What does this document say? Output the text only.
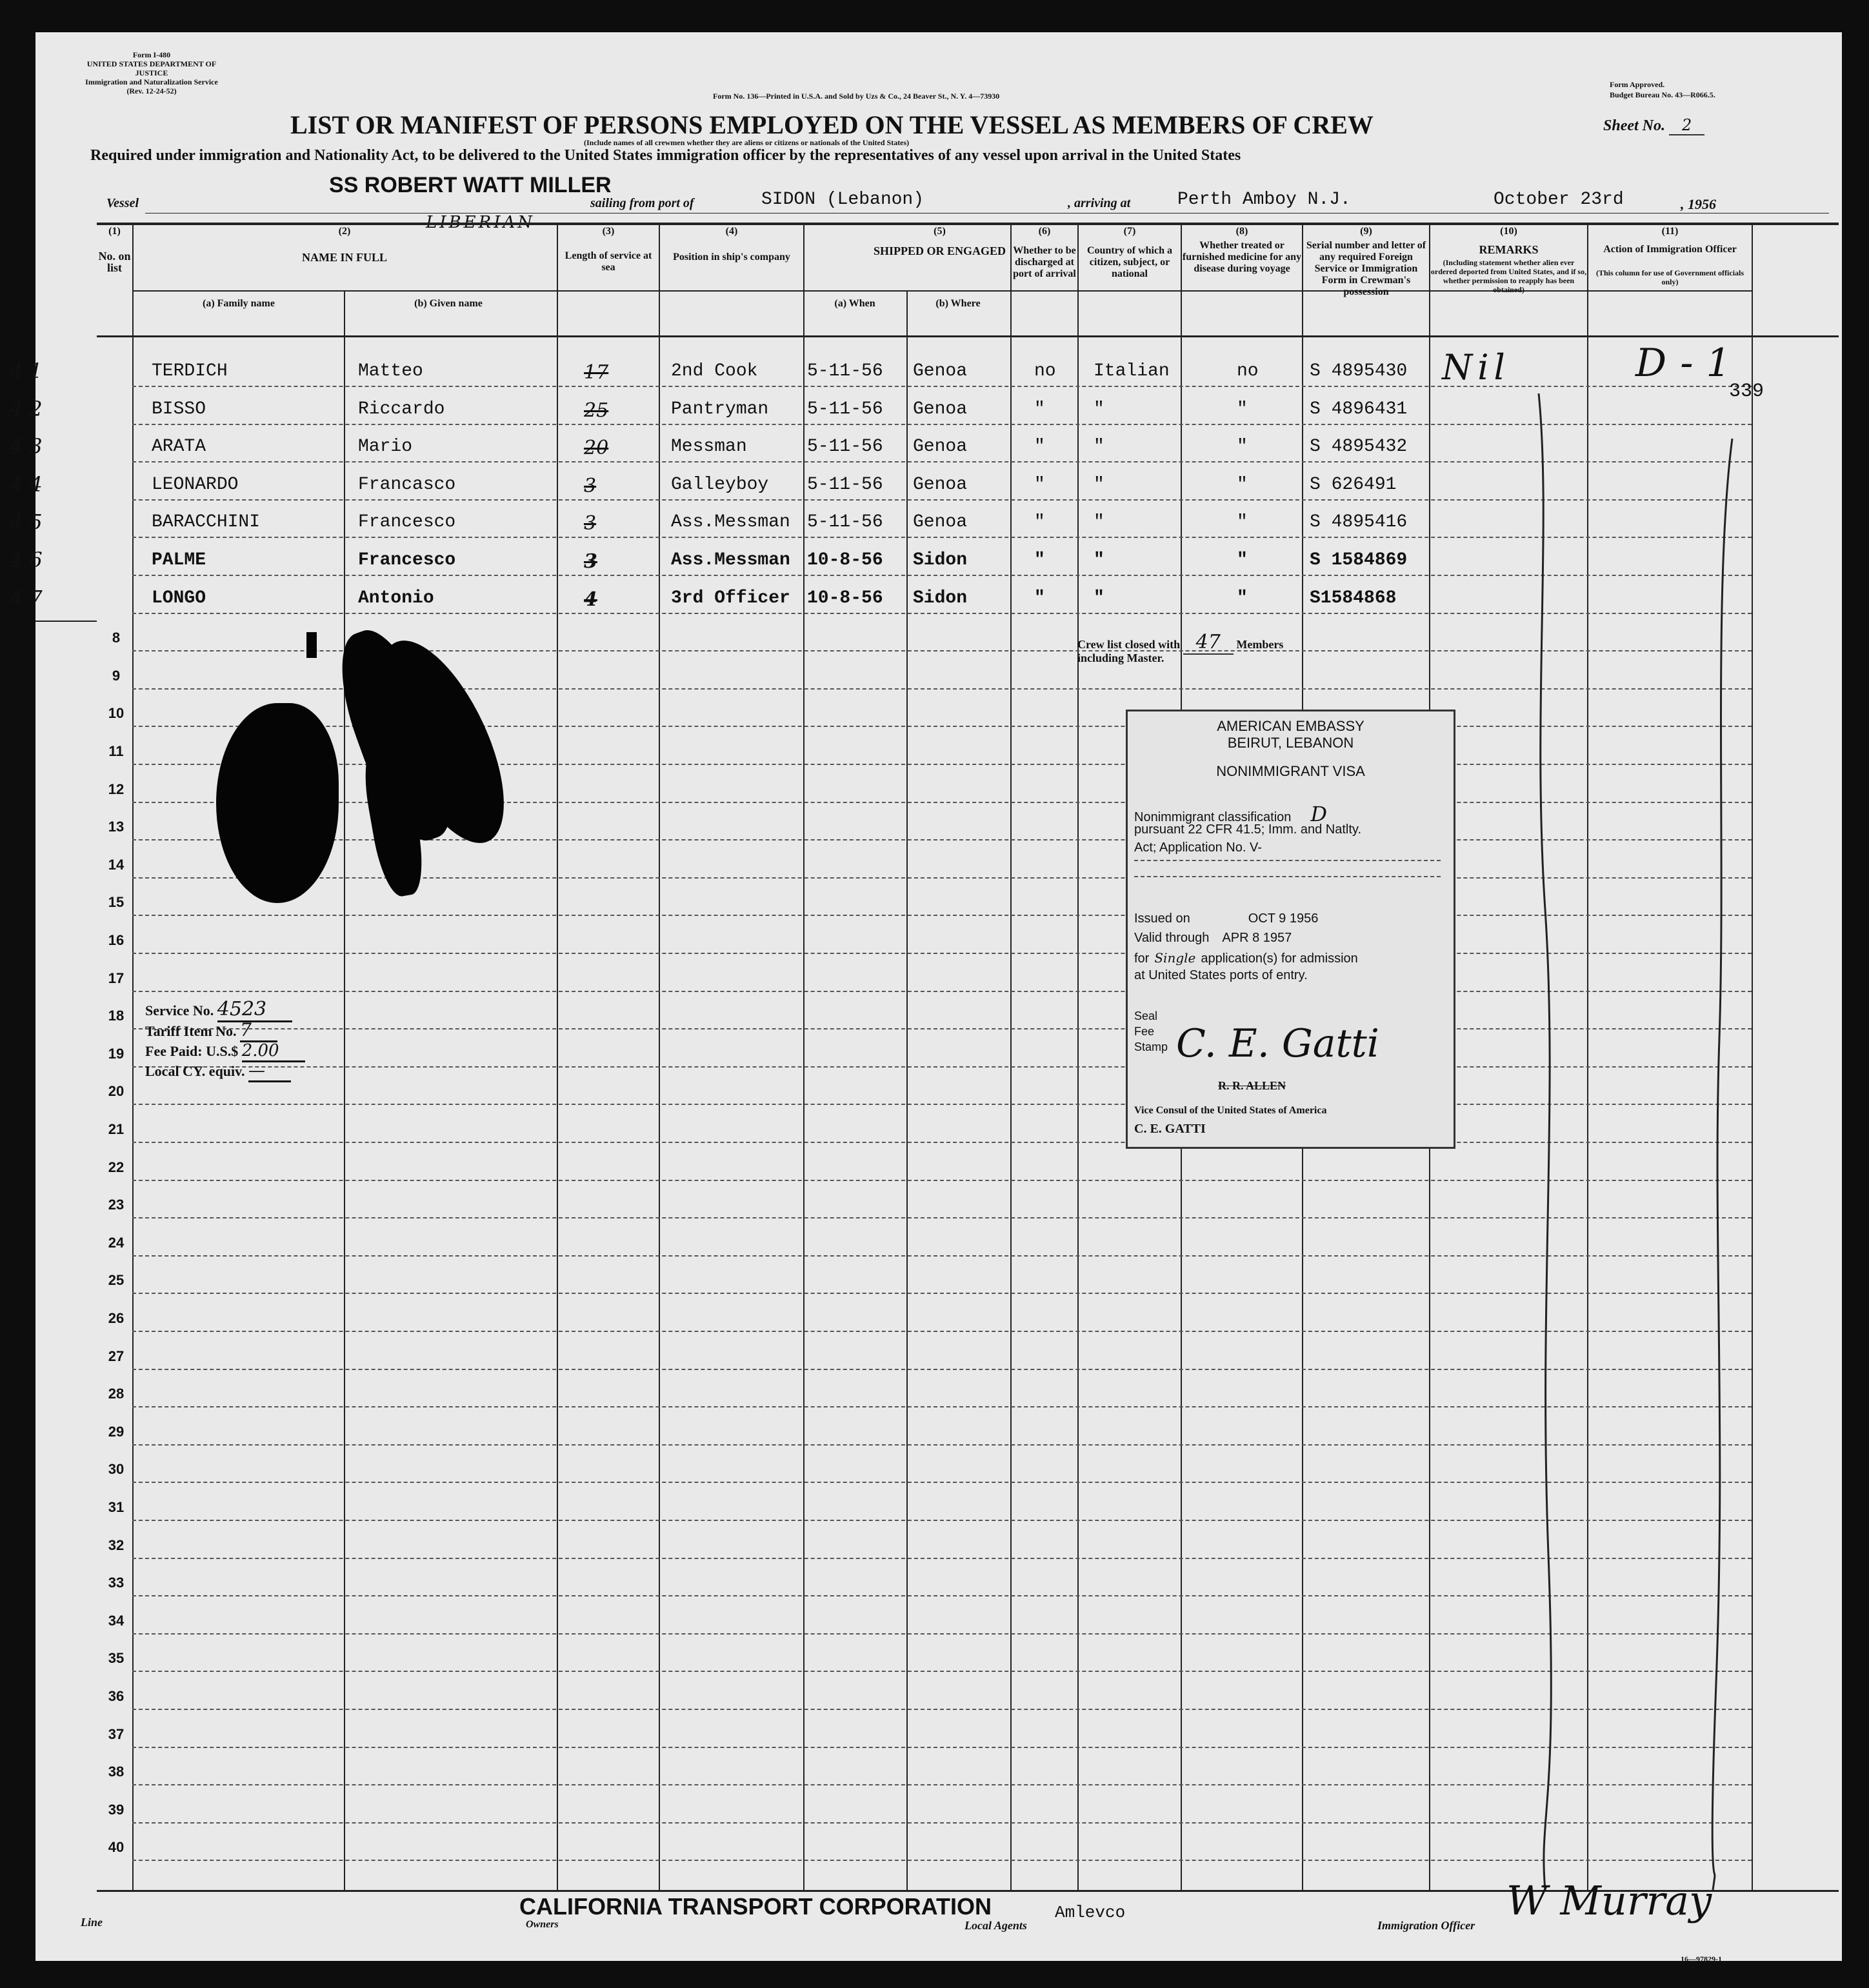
Form I-480
UNITED STATES DEPARTMENT OF JUSTICE
Immigration and Naturalization Service
(Rev. 12-24-52)
Form No. 136—Printed in U.S.A. and Sold by Uzs & Co., 24 Beaver St., N. Y. 4—73930
Form Approved.
Budget Bureau No. 43—R066.5.
LIST OR MANIFEST OF PERSONS EMPLOYED ON THE VESSEL AS MEMBERS OF CREW	Sheet No. 2
Required under immigration and Nationality Act, to be delivered to the United States immigration officer by the representatives of any vessel upon arrival in the United States
(Include names of all crewmen whether they are aliens or citizens or nationals of the United States)
Vessel
SS ROBERT WATT MILLER
sailing from port of	SIDON (Lebanon)	, arriving at	Perth Amboy N.J.	October 23rd	, 1956
(1)
No. on list
(2)
NAME IN FULL
(a) Family name	(b) Given name
(3)
Length of service at sea
(4)
Position in ship's company
(5)
SHIPPED OR ENGAGED
(a) When	(b) Where
(6)
Whether to be discharged at port of arrival
(7)
Country of which a citizen, subject, or national
(8)
Whether treated or furnished medicine for any disease during voyage
(9)
Serial number and letter of any required Foreign Service or Immigration Form in Crewman's possession
(10)
REMARKS
(Including statement whether alien ever ordered deported from United States, and if so, whether permission to reapply has been obtained)
(11)
Action of Immigration Officer
(This column for use of Government officials only)
41	TERDICH	Matteo	17	2nd Cook	5-11-56 Genoa	no Italian	no	S 4895430
42	BISSO	Riccardo	25	Pantryman 5-11-56 Genoa	"	"	"	S 4896431
43	ARATA	Mario	20	Messman	5-11-56 Genoa	"	"	"	S 4895432
44	LEONARDO	Francasco	3	Galleyboy 5-11-56 Genoa	"	"	"	S 626491
45	BARACCHINI	Francesco	3	Ass.Messman 5-11-56 Genoa	"	"	"	S 4895416
46	PALME	Francesco	3	Ass.Messman 10-8-56 Sidon	"	"	"	S 1584869
47	LONGO	Antonio	4	3rd Officer 10-8-56 Sidon	"	"	"	S1584868
8
9
10
11
12
13
14
15
16
17
18
19
20
21
22
23
24
25
26
27
28
29
30
31
32
33
34
35
36
37
38
39
40
Nil	D-1
339
Crew list closed with 47 Members
including Master.
AMERICAN EMBASSY
BEIRUT, LEBANON
NONIMMIGRANT VISA
Nonimmigrant classification D
pursuant 22 CFR 41.5; Imm. and Natlty.
Act; Application No. V-
Issued on	OCT 9 1956
Valid through APR 8 1957
for Single application(s) for admission
at United States ports of entry.
Seal
Fee
Stamp C. E. Gatti
R. R. ALLEN
Vice Consul of the United States of America
C. E. GATTI
Service No. 4523
Tariff Item No. 7
Fee Paid: U.S.$ 2.00
Local CY. equiv. —
Line
CALIFORNIA TRANSPORT CORPORATION
Owners	Local Agents
Amlevco
Immigration Officer
W Murray
16—97829-1
